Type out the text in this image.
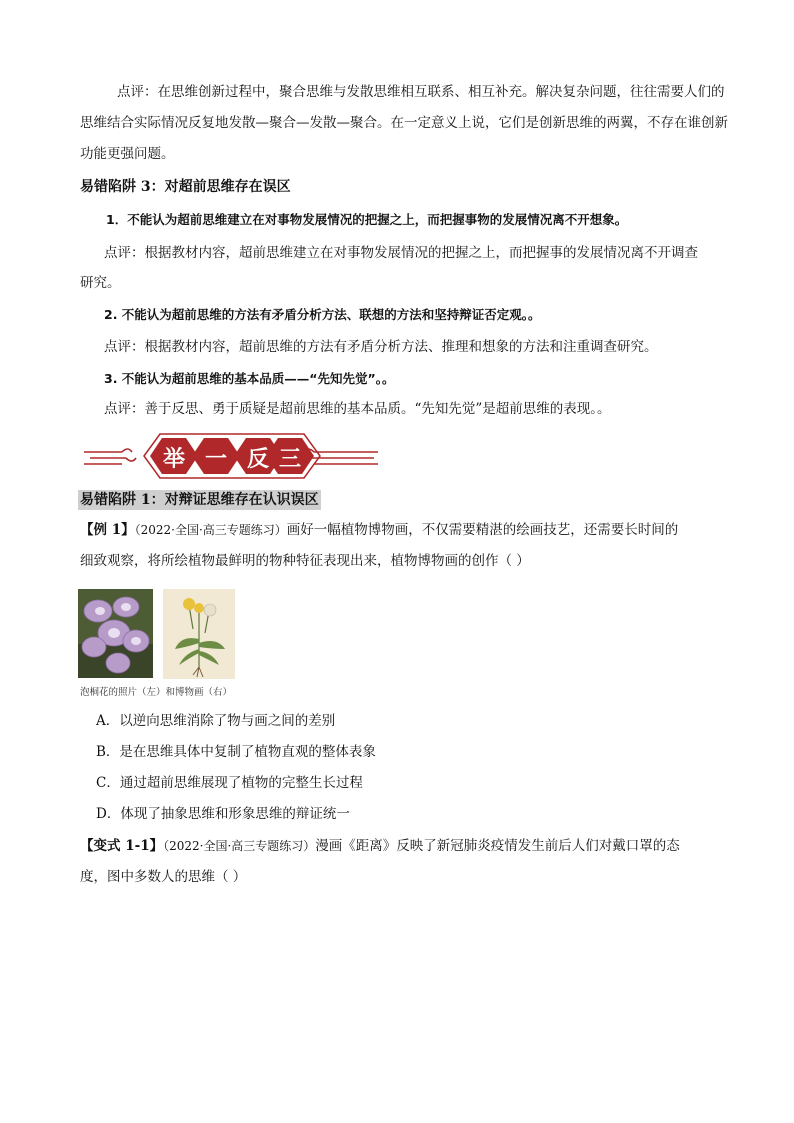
点评：在思维创新过程中，聚合思维与发散思维相互联系、相互补充。解决复杂问题，往往需要人们的
思维结合实际情况反复地发散—聚合—发散—聚合。在一定意义上说，它们是创新思维的两翼，不存在谁创新
功能更强问题。
易错陷阱 3：对超前思维存在误区
1．不能认为超前思维建立在对事物发展情况的把握之上，而把握事物的发展情况离不开想象。
点评：根据教材内容，超前思维建立在对事物发展情况的把握之上，而把握事的发展情况离不开调查
研究。
2. 不能认为超前思维的方法有矛盾分析方法、联想的方法和坚持辩证否定观。。
点评：根据教材内容，超前思维的方法有矛盾分析方法、推理和想象的方法和注重调查研究。
3. 不能认为超前思维的基本品质——“先知先觉”。。
点评：善于反思、勇于质疑是超前思维的基本品质。“先知先觉”是超前思维的表现。。
举 一 反 三
易错陷阱 1：对辩证思维存在认识误区
【例 1】（2022·全国·高三专题练习）画好一幅植物博物画，不仅需要精湛的绘画技艺，还需要长时间的
细致观察，将所绘植物最鲜明的物种特征表现出来，植物博物画的创作（ ）
泡桐花的照片（左）和博物画（右）
A．以逆向思维消除了物与画之间的差别
B．是在思维具体中复制了植物直观的整体表象
C．通过超前思维展现了植物的完整生长过程
D．体现了抽象思维和形象思维的辩证统一
【变式 1-1】（2022·全国·高三专题练习）漫画《距离》反映了新冠肺炎疫情发生前后人们对戴口罩的态
度，图中多数人的思维（ ）
